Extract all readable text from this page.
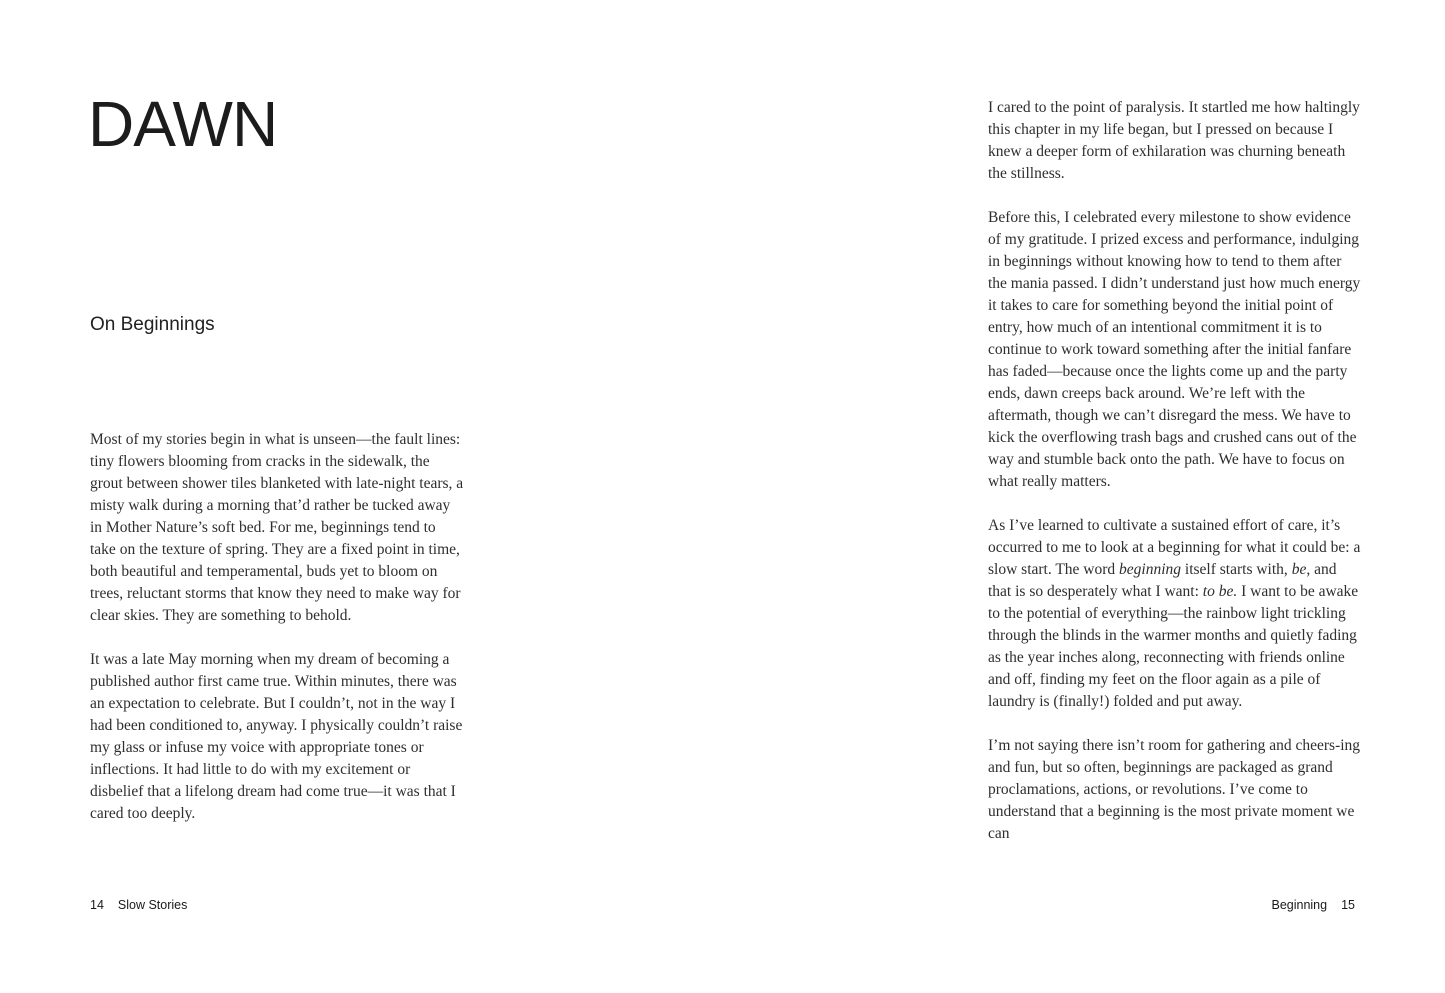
DAWN
On Beginnings

Most of my stories begin in what is unseen—the fault lines: tiny flowers blooming from cracks in the sidewalk, the grout between shower tiles blanketed with late-night tears, a misty walk during a morning that’d rather be tucked away in Mother Nature’s soft bed. For me, beginnings tend to take on the texture of spring. They are a fixed point in time, both beautiful and temperamental, buds yet to bloom on trees, reluctant storms that know they need to make way for clear skies. They are something to behold.

It was a late May morning when my dream of becoming a published author first came true. Within minutes, there was an expectation to celebrate. But I couldn’t, not in the way I had been conditioned to, anyway. I physically couldn’t raise my glass or infuse my voice with appropriate tones or inflections. It had little to do with my excitement or disbelief that a lifelong dream had come true—it was that I cared too deeply.

14 Slow Stories

I cared to the point of paralysis. It startled me how haltingly this chapter in my life began, but I pressed on because I knew a deeper form of exhilaration was churning beneath the stillness.

Before this, I celebrated every milestone to show evidence of my gratitude. I prized excess and performance, indulging in beginnings without knowing how to tend to them after the mania passed. I didn’t understand just how much energy it takes to care for something beyond the initial point of entry, how much of an intentional commitment it is to continue to work toward something after the initial fanfare has faded—because once the lights come up and the party ends, dawn creeps back around. We’re left with the aftermath, though we can’t disregard the mess. We have to kick the overflowing trash bags and crushed cans out of the way and stumble back onto the path. We have to focus on what really matters.

As I’ve learned to cultivate a sustained effort of care, it’s occurred to me to look at a beginning for what it could be: a slow start. The word beginning itself starts with, be, and that is so desperately what I want: to be. I want to be awake to the potential of everything—the rainbow light trickling through the blinds in the warmer months and quietly fading as the year inches along, reconnecting with friends online and off, finding my feet on the floor again as a pile of laundry is (finally!) folded and put away.

I’m not saying there isn’t room for gathering and cheers-ing and fun, but so often, beginnings are packaged as grand proclamations, actions, or revolutions. I’ve come to understand that a beginning is the most private moment we can

Beginning 15
